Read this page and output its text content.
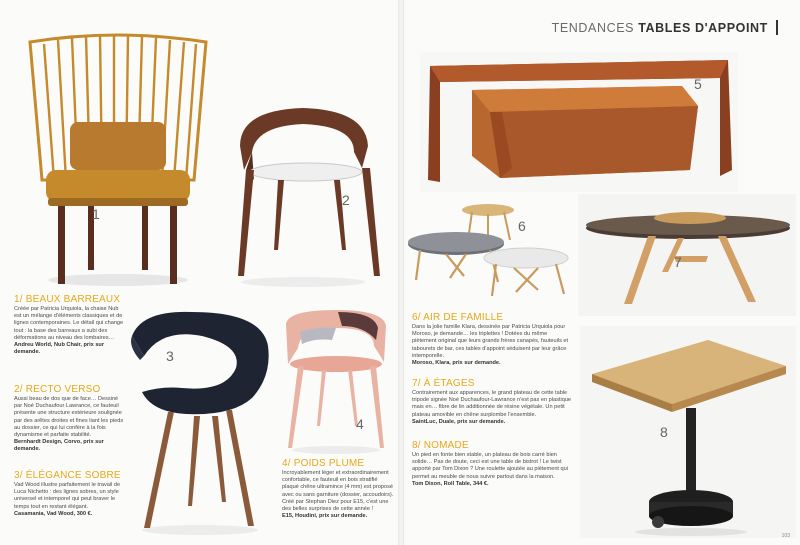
TENDANCES TABLES D'APPOINT
1
2
3
4
5
6
7
8
1/ BEAUX BARREAUX
Créée par Patricia Urquiola, la chaise Nub est un mélange d'éléments classiques et de lignes contemporaines. Le détail qui change tout : la base des barreaux a subi des déformations au niveau des lombaires…
Andreu World, Nub Chair, prix sur demande.
2/ RECTO VERSO
Aussi beau de dos que de face… Dessiné par Noé Duchaufour Lawrance, ce fauteuil présente une structure extérieure soulignée par des arêtes droites et fines liant les pieds au dossier, ce qui lui confère à la fois dynamisme et parfaite stabilité.
Bernhardt Design, Corvo, prix sur demande.
3/ ÉLÉGANCE SOBRE
Vad Wood illustre parfaitement le travail de Luca Nichetto : des lignes sobres, un style universel et intemporel qui peut braver le temps tout en restant élégant.
Casamania, Vad Wood, 300 €.
4/ POIDS PLUME
Incroyablement léger et extraordinairement confortable, ce fauteuil en bois stratifié plaqué chêne ultramince (4 mm) est proposé avec ou sans garniture (dossier, accoudoirs). Créé par Stephan Diez pour E15, c'est une des belles surprises de cette année !
E15, Houdini, prix sur demande.
6/ AIR DE FAMILLE
Dans la jolie famille Klara, dessinée par Patricia Urquiola pour Moroso, je demande… les triplettes ! Dotées du même piètement original que leurs grands frères canapés, fauteuils et tabourets de bar, ces tables d'appoint séduisent par leur grâce intemporelle.
Moroso, Klara, prix sur demande.
7/ À ÉTAGES
Contrairement aux apparences, le grand plateau de cette table tripode signée Noé Duchaufour-Lawrance n'est pas en plastique mais en… fibre de lin additionnée de résine végétale. Un petit plateau amovible en chêne surplombe l'ensemble.
SaintLuc, Duale, prix sur demande.
8/ NOMADE
Un pied en fonte bien stable, un plateau de bois carré bien solide… Pas de doute, ceci est une table de bistrot ! Le twist apporté par Tom Dixon ? Une roulette ajoutée au piètement qui permet au meuble de nous suivre partout dans la maison.
Tom Dixon, Roll Table, 344 €.
103
